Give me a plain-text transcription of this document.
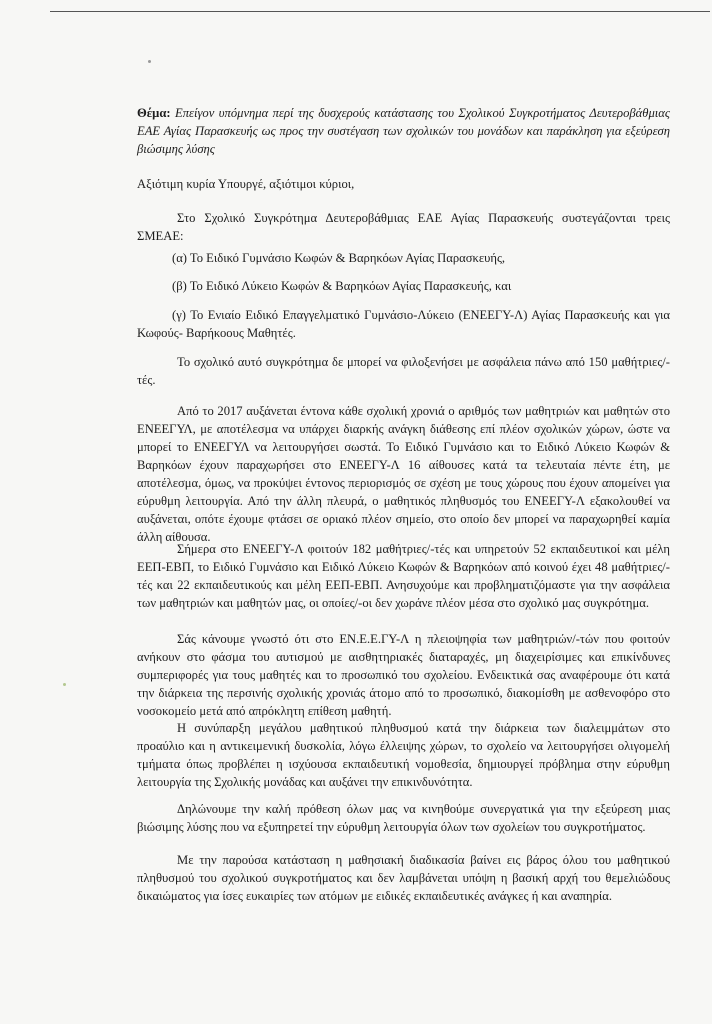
Θέμα: Επείγον υπόμνημα περί της δυσχερούς κατάστασης του Σχολικού Συγκροτήματος Δευτεροβάθμιας ΕΑΕ Αγίας Παρασκευής ως προς την συστέγαση των σχολικών του μονάδων και παράκληση για εξεύρεση βιώσιμης λύσης
Αξιότιμη κυρία Υπουργέ, αξιότιμοι κύριοι,
Στο Σχολικό Συγκρότημα Δευτεροβάθμιας ΕΑΕ Αγίας Παρασκευής συστεγάζονται τρεις ΣΜΕΑΕ:
(α) Το Ειδικό Γυμνάσιο Κωφών & Βαρηκόων Αγίας Παρασκευής,
(β) Το Ειδικό Λύκειο Κωφών & Βαρηκόων Αγίας Παρασκευής, και
(γ) Το Ενιαίο Ειδικό Επαγγελματικό Γυμνάσιο-Λύκειο (ΕΝΕΕΓΥ-Λ) Αγίας Παρασκευής και για Κωφούς- Βαρήκοους Μαθητές.
Το σχολικό αυτό συγκρότημα δε μπορεί να φιλοξενήσει με ασφάλεια πάνω από 150 μαθήτριες/-τές.
Από το 2017 αυξάνεται έντονα κάθε σχολική χρονιά ο αριθμός των μαθητριών και μαθητών στο ΕΝΕΕΓΥΛ, με αποτέλεσμα να υπάρχει διαρκής ανάγκη διάθεσης επί πλέον σχολικών χώρων, ώστε να μπορεί το ΕΝΕΕΓΥΛ να λειτουργήσει σωστά. Το Ειδικό Γυμνάσιο και το Ειδικό Λύκειο Κωφών & Βαρηκόων έχουν παραχωρήσει στο ΕΝΕΕΓΥ-Λ 16 αίθουσες κατά τα τελευταία πέντε έτη, με αποτέλεσμα, όμως, να προκύψει έντονος περιορισμός σε σχέση με τους χώρους που έχουν απομείνει για εύρυθμη λειτουργία. Από την άλλη πλευρά, ο μαθητικός πληθυσμός του ΕΝΕΕΓΥ-Λ εξακολουθεί να αυξάνεται, οπότε έχουμε φτάσει σε οριακό πλέον σημείο, στο οποίο δεν μπορεί να παραχωρηθεί καμία άλλη αίθουσα.
Σήμερα στο ΕΝΕΕΓΥ-Λ φοιτούν 182 μαθήτριες/-τές και υπηρετούν 52 εκπαιδευτικοί και μέλη ΕΕΠ-ΕΒΠ, το Ειδικό Γυμνάσιο και Ειδικό Λύκειο Κωφών & Βαρηκόων από κοινού έχει 48 μαθήτριες/-τές και 22 εκπαιδευτικούς και μέλη ΕΕΠ-ΕΒΠ. Ανησυχούμε και προβληματιζόμαστε για την ασφάλεια των μαθητριών και μαθητών μας, οι οποίες/-οι δεν χωράνε πλέον μέσα στο σχολικό μας συγκρότημα.
Σάς κάνουμε γνωστό ότι στο ΕΝ.Ε.Ε.ΓΥ-Λ η πλειοψηφία των μαθητριών/-τών που φοιτούν ανήκουν στο φάσμα του αυτισμού με αισθητηριακές διαταραχές, μη διαχειρίσιμες και επικίνδυνες συμπεριφορές για τους μαθητές και το προσωπικό του σχολείου. Ενδεικτικά σας αναφέρουμε ότι κατά την διάρκεια της περσινής σχολικής χρονιάς άτομο από το προσωπικό, διακομίσθη με ασθενοφόρο στο νοσοκομείο μετά από απρόκλητη επίθεση μαθητή.
Η συνύπαρξη μεγάλου μαθητικού πληθυσμού κατά την διάρκεια των διαλειμμάτων στο προαύλιο και η αντικειμενική δυσκολία, λόγω έλλειψης χώρων, το σχολείο να λειτουργήσει ολιγομελή τμήματα όπως προβλέπει η ισχύουσα εκπαιδευτική νομοθεσία, δημιουργεί πρόβλημα στην εύρυθμη λειτουργία της Σχολικής μονάδας και αυξάνει την επικινδυνότητα.
Δηλώνουμε την καλή πρόθεση όλων μας να κινηθούμε συνεργατικά για την εξεύρεση μιας βιώσιμης λύσης που να εξυπηρετεί την εύρυθμη λειτουργία όλων των σχολείων του συγκροτήματος.
Με την παρούσα κατάσταση η μαθησιακή διαδικασία βαίνει εις βάρος όλου του μαθητικού πληθυσμού του σχολικού συγκροτήματος και δεν λαμβάνεται υπόψη η βασική αρχή του θεμελιώδους δικαιώματος για ίσες ευκαιρίες των ατόμων με ειδικές εκπαιδευτικές ανάγκες ή και αναπηρία.
